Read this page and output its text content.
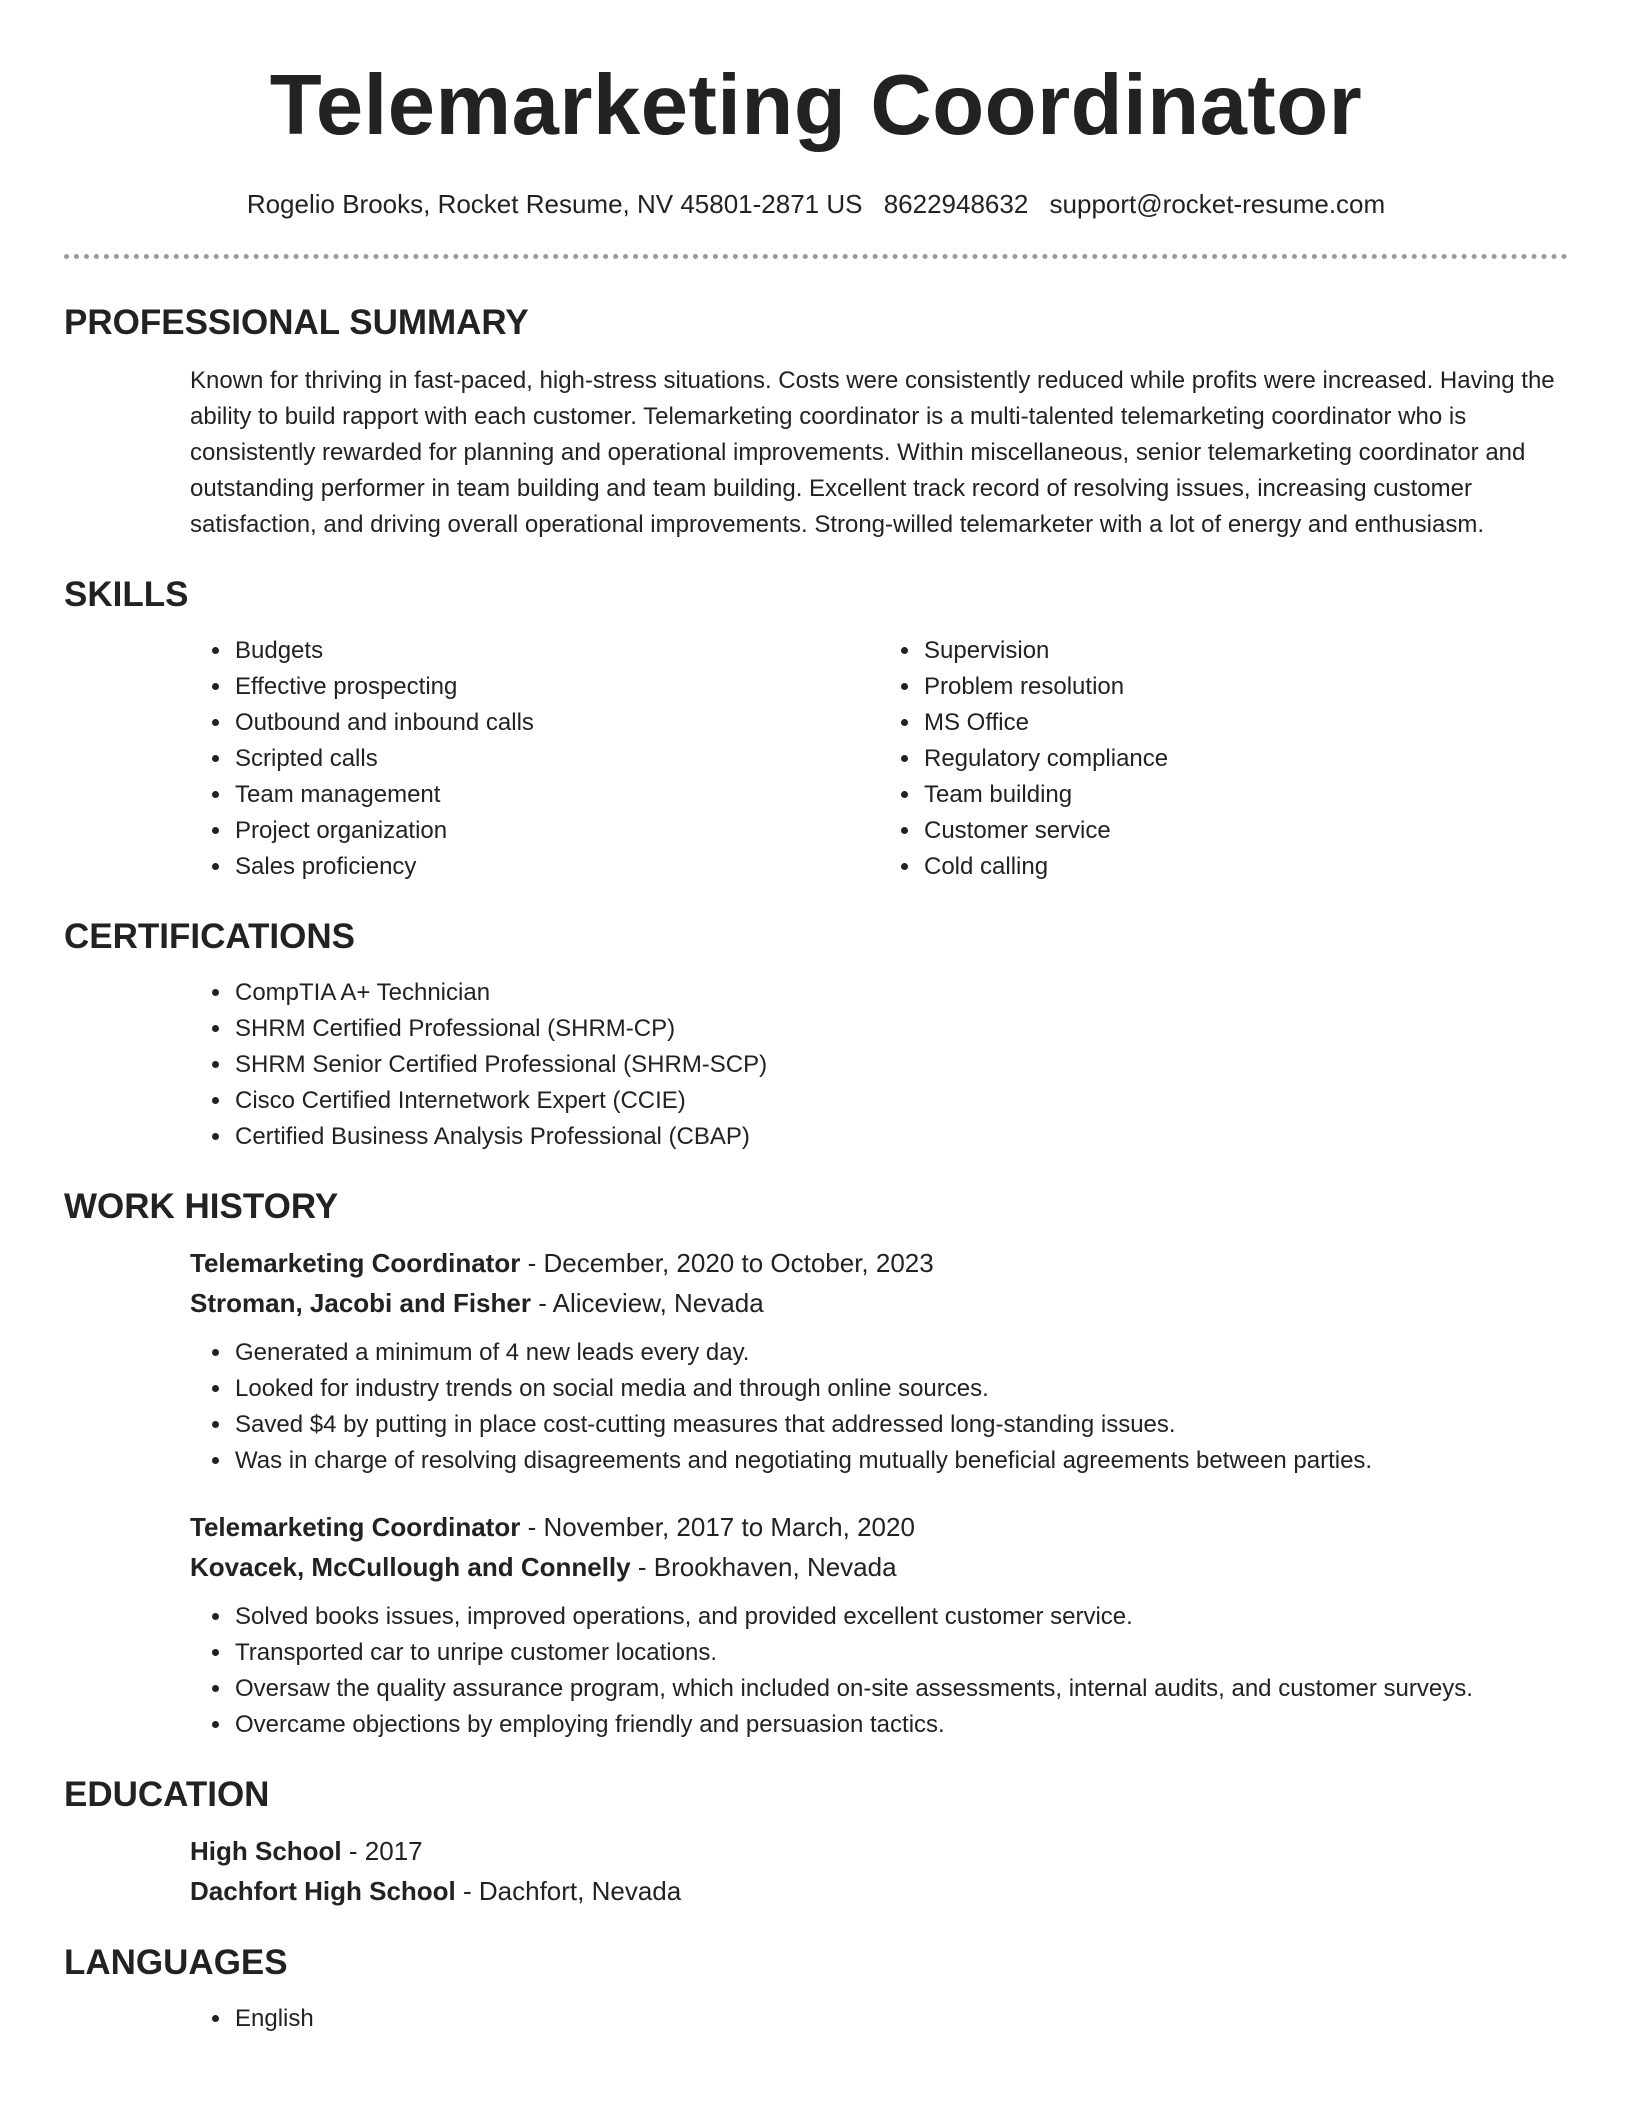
Telemarketing Coordinator
Rogelio Brooks, Rocket Resume, NV 45801-2871 US 8622948632 support@rocket-resume.com
PROFESSIONAL SUMMARY

Known for thriving in fast-paced, high-stress situations. Costs were consistently reduced while profits were increased. Having the ability to build rapport with each customer. Telemarketing coordinator is a multi-talented telemarketing coordinator who is consistently rewarded for planning and operational improvements. Within miscellaneous, senior telemarketing coordinator and outstanding performer in team building and team building. Excellent track record of resolving issues, increasing customer satisfaction, and driving overall operational improvements. Strong-willed telemarketer with a lot of energy and enthusiasm.

SKILLS
• Budgets
• Effective prospecting
• Outbound and inbound calls
• Scripted calls
• Team management
• Project organization
• Sales proficiency
• Supervision
• Problem resolution
• MS Office
• Regulatory compliance
• Team building
• Customer service
• Cold calling
CERTIFICATIONS
• CompTIA A+ Technician
• SHRM Certified Professional (SHRM-CP)
• SHRM Senior Certified Professional (SHRM-SCP)
• Cisco Certified Internetwork Expert (CCIE)
• Certified Business Analysis Professional (CBAP)
WORK HISTORY
Telemarketing Coordinator - December, 2020 to October, 2023
Stroman, Jacobi and Fisher - Aliceview, Nevada
• Generated a minimum of 4 new leads every day.
• Looked for industry trends on social media and through online sources.
• Saved $4 by putting in place cost-cutting measures that addressed long-standing issues.
• Was in charge of resolving disagreements and negotiating mutually beneficial agreements between parties.
Telemarketing Coordinator - November, 2017 to March, 2020
Kovacek, McCullough and Connelly - Brookhaven, Nevada
• Solved books issues, improved operations, and provided excellent customer service.
• Transported car to unripe customer locations.
• Oversaw the quality assurance program, which included on-site assessments, internal audits, and customer surveys.
• Overcame objections by employing friendly and persuasion tactics.
EDUCATION
High School - 2017
Dachfort High School - Dachfort, Nevada
LANGUAGES
• English
